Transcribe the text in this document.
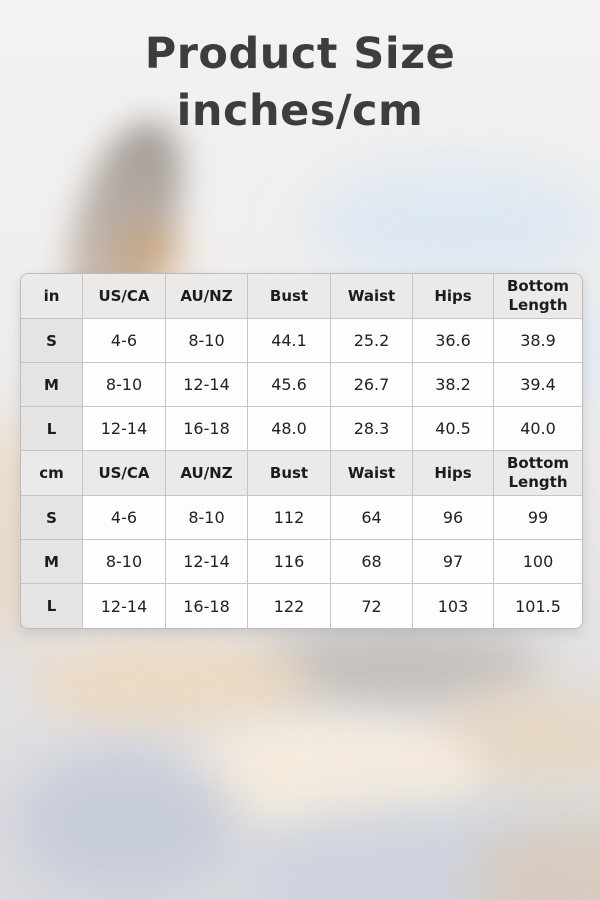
Product Size
inches/cm
in	US/CA	AU/NZ	Bust	Waist	Hips	Bottom Length
S	4-6	8-10	44.1	25.2	36.6	38.9
M	8-10	12-14	45.6	26.7	38.2	39.4
L	12-14	16-18	48.0	28.3	40.5	40.0
cm	US/CA	AU/NZ	Bust	Waist	Hips	Bottom Length
S	4-6	8-10	112	64	96	99
M	8-10	12-14	116	68	97	100
L	12-14	16-18	122	72	103	101.5
